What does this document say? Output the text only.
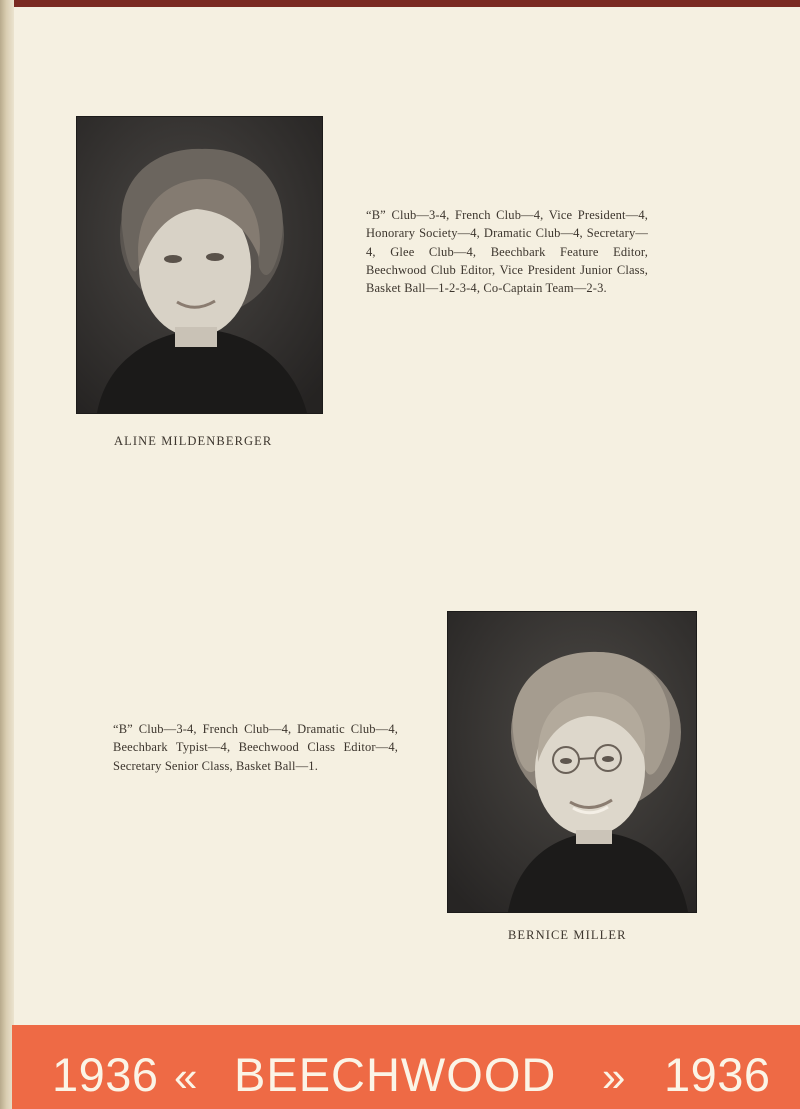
“B” Club—3-4, French Club—4, Vice President—4, Honorary Society—4, Dramatic Club—4, Secretary—4, Glee Club—4, Beechbark Feature Editor, Beechwood Club Editor, Vice President Junior Class, Basket Ball—1-2-3-4, Co-Captain Team—2-3.
ALINE MILDENBERGER
“B” Club—3-4, French Club—4, Dramatic Club—4, Beechbark Typist—4, Beechwood Class Editor—4, Secretary Senior Class, Basket Ball—1.
BERNICE MILLER
1936 « BEECHWOOD » 1936
